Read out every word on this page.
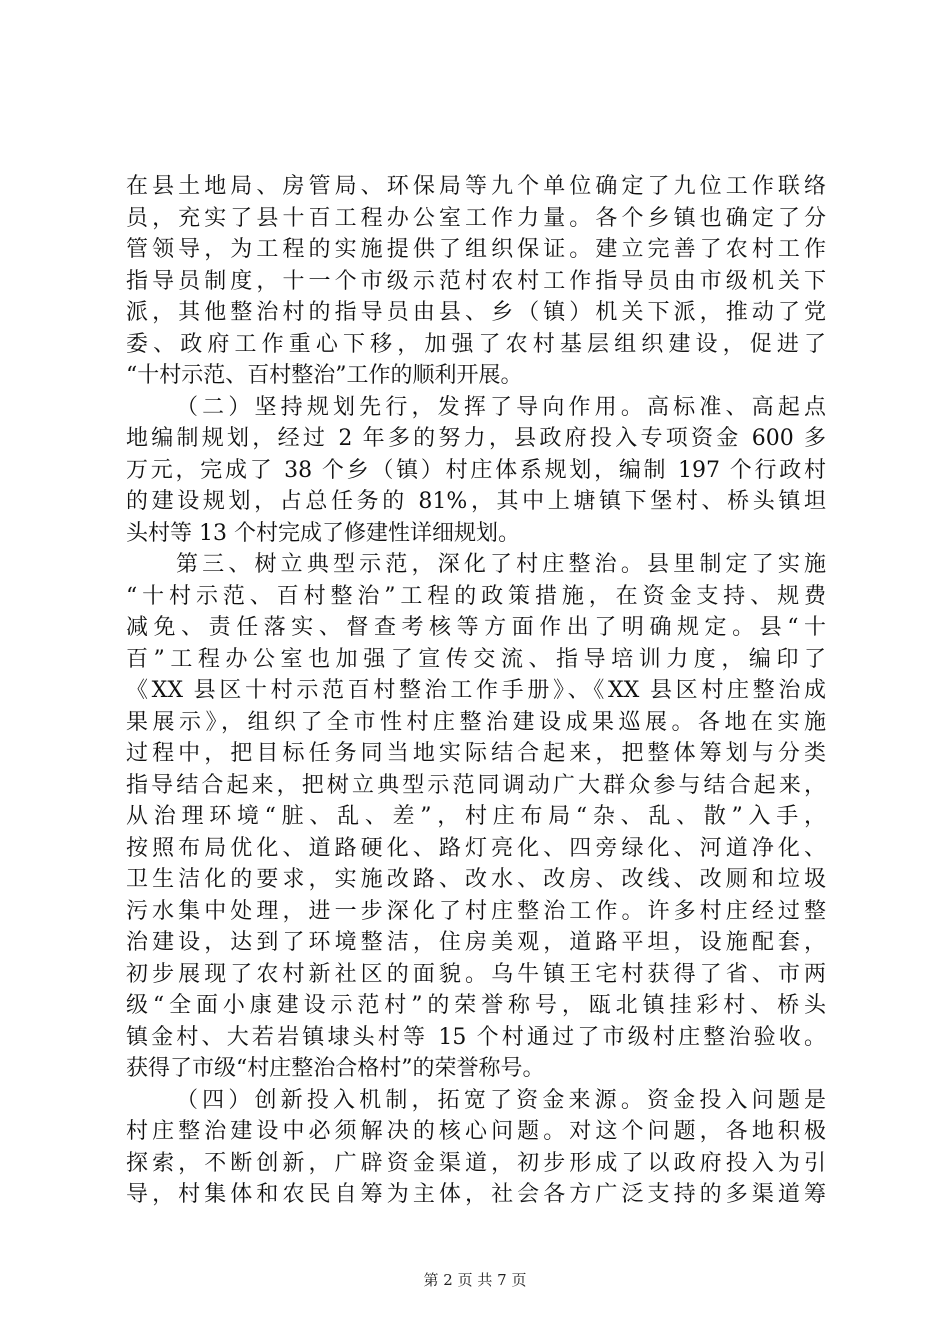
在县土地局、房管局、环保局等九个单位确定了九位工作联络
员，充实了县十百工程办公室工作力量。各个乡镇也确定了分
管领导，为工程的实施提供了组织保证。建立完善了农村工作
指导员制度，十一个市级示范村农村工作指导员由市级机关下
派，其他整治村的指导员由县、乡（镇）机关下派，推动了党
委、政府工作重心下移，加强了农村基层组织建设，促进了
“十村示范、百村整治”工作的顺利开展。
（二）坚持规划先行，发挥了导向作用。高标准、高起点
地编制规划，经过 2 年多的努力，县政府投入专项资金 600 多
万元，完成了 38 个乡（镇）村庄体系规划，编制 197 个行政村
的建设规划，占总任务的 81%，其中上塘镇下堡村、桥头镇坦
头村等 13 个村完成了修建性详细规划。
第三、树立典型示范，深化了村庄整治。县里制定了实施
“十村示范、百村整治”工程的政策措施，在资金支持、规费
减免、责任落实、督查考核等方面作出了明确规定。县“十
百”工程办公室也加强了宣传交流、指导培训力度，编印了
《XX 县区十村示范百村整治工作手册》、《XX 县区村庄整治成
果展示》，组织了全市性村庄整治建设成果巡展。各地在实施
过程中，把目标任务同当地实际结合起来，把整体筹划与分类
指导结合起来，把树立典型示范同调动广大群众参与结合起来，
从治理环境“脏、乱、差”，村庄布局“杂、乱、散”入手，
按照布局优化、道路硬化、路灯亮化、四旁绿化、河道净化、
卫生洁化的要求，实施改路、改水、改房、改线、改厕和垃圾
污水集中处理，进一步深化了村庄整治工作。许多村庄经过整
治建设，达到了环境整洁，住房美观，道路平坦，设施配套，
初步展现了农村新社区的面貌。乌牛镇王宅村获得了省、市两
级“全面小康建设示范村”的荣誉称号，瓯北镇挂彩村、桥头
镇金村、大若岩镇埭头村等 15 个村通过了市级村庄整治验收。
获得了市级“村庄整治合格村”的荣誉称号。
（四）创新投入机制，拓宽了资金来源。资金投入问题是
村庄整治建设中必须解决的核心问题。对这个问题，各地积极
探索，不断创新，广辟资金渠道，初步形成了以政府投入为引
导，村集体和农民自筹为主体，社会各方广泛支持的多渠道筹
第 2 页 共 7 页
